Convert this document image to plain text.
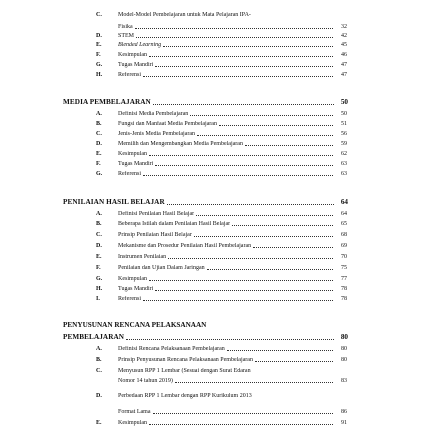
C.	Model-Model Pembelajaran untuk Mata Pelajaran IPA-
Fisika	32
D.	STEM	42
E.	Blended Learning	45
F.	Kesimpulan	46
G.	Tugas Mandiri	47
H.	Referensi	47
MEDIA PEMBELAJARAN	50
A.	Definisi Media Pembelajaran	50
B.	Fungsi dan Manfaat Media Pembelajaran	51
C.	Jenis-Jenis Media Pembelajaran	56
D.	Memilih dan Mengembangkan Media Pembelajaran	59
E.	Kesimpulan	62
F.	Tugas Mandiri	63
G.	Referensi	63
PENILAIAN HASIL BELAJAR	64
A.	Definisi Penilaian Hasil Belajar	64
B.	Beberapa Istilah dalam Penilaian Hasil Belajar	65
C.	Prinsip Penilaian Hasil Belajar	68
D.	Mekanisme dan Prosedur Penilaian Hasil Pembelajaran	69
E.	Instrumen Penilaian	70
F.	Penilaian dan Ujian Dalam Jaringan	75
G.	Kesimpulan	77
H.	Tugas Mandiri	78
I.	Referensi	78
PENYUSUNAN RENCANA PELAKSANAAN
PEMBELAJARAN	80
A.	Definisi Rencana Pelaksanaan Pembelajaran	80
B.	Prinsip Penyusunan Rencana Pelaksanaan Pembelajaran	80
C.	Menyusun RPP 1 Lembar (Sesuai dengan Surat Edaran
Nomor 14 tahun 2019)	83
D.	Perbedaan RPP 1 Lembar dengan RPP Kurikulum 2013
Format Lama	86
E.	Kesimpulan	91
